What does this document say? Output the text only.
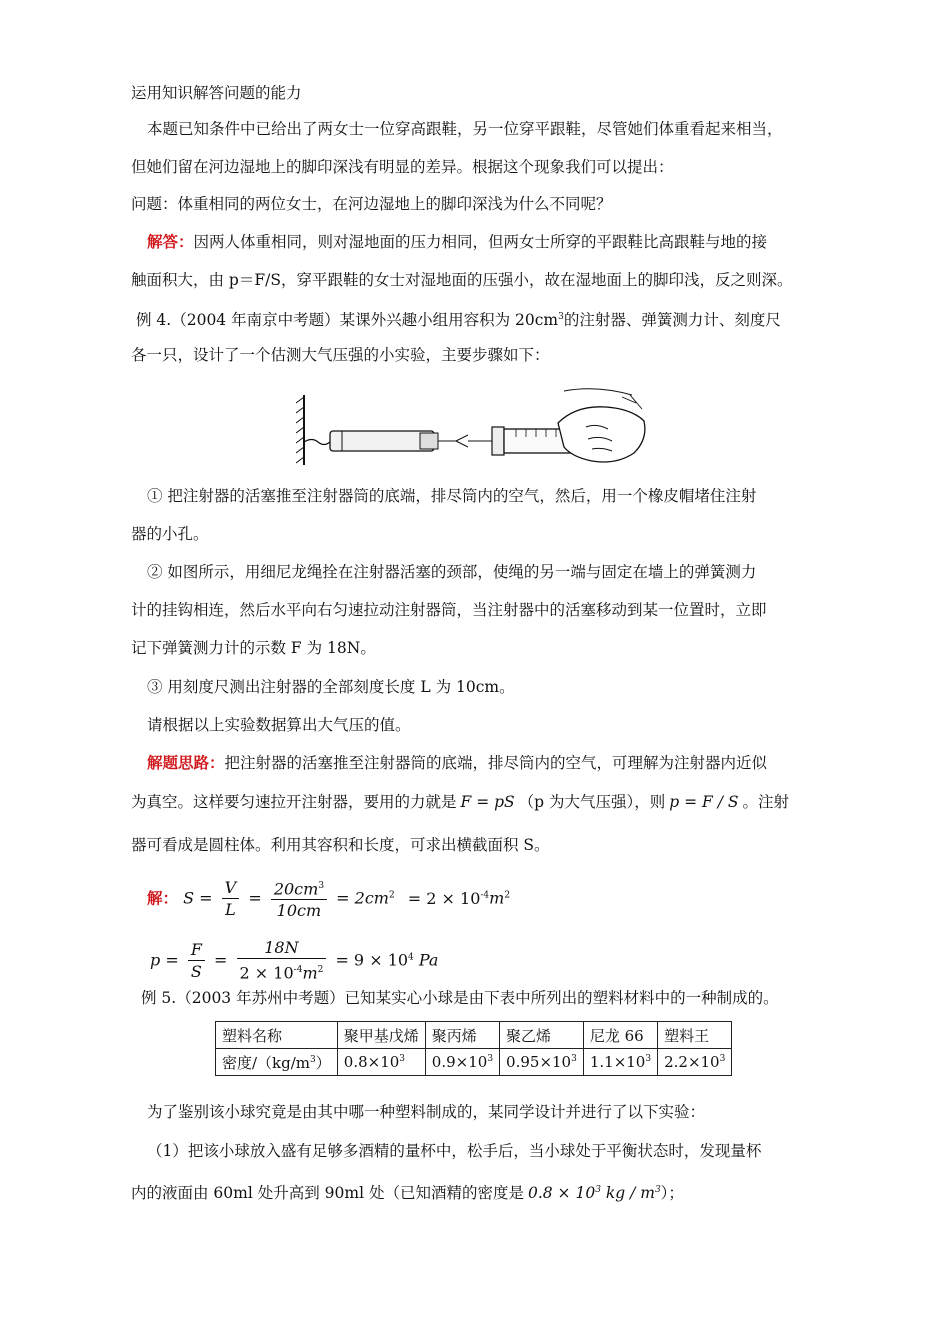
运用知识解答问题的能力
本题已知条件中已给出了两女士一位穿高跟鞋，另一位穿平跟鞋，尽管她们体重看起来相当，
但她们留在河边湿地上的脚印深浅有明显的差异。根据这个现象我们可以提出：
问题：体重相同的两位女士，在河边湿地上的脚印深浅为什么不同呢？
解答：因两人体重相同，则对湿地面的压力相同，但两女士所穿的平跟鞋比高跟鞋与地的接
触面积大，由 p＝F/S，穿平跟鞋的女士对湿地面的压强小，故在湿地面上的脚印浅，反之则深。
例 4.（2004 年南京中考题）某课外兴趣小组用容积为 $20cm^3$的注射器、弹簧测力计、刻度尺
各一只，设计了一个估测大气压强的小实验，主要步骤如下：
① 把注射器的活塞推至注射器筒的底端，排尽筒内的空气，然后，用一个橡皮帽堵住注射
器的小孔。
② 如图所示，用细尼龙绳拴在注射器活塞的颈部，使绳的另一端与固定在墙上的弹簧测力
计的挂钩相连，然后水平向右匀速拉动注射器筒，当注射器中的活塞移动到某一位置时，立即
记下弹簧测力计的示数 F 为 18N。
③ 用刻度尺测出注射器的全部刻度长度 L 为 10cm。
请根据以上实验数据算出大气压的值。
解题思路：把注射器的活塞推至注射器筒的底端，排尽筒内的空气，可理解为注射器内近似
为真空。这样要匀速拉开注射器，要用的力就是 F = pS （p 为大气压强），则 p = F / S 。注射
器可看成是圆柱体。利用其容积和长度，可求出横截面积 S。
解： $S = \frac{V}{L} = \frac{20cm^3}{10cm} = 2cm^2 = 2 \times 10^{-4}m^2$
$p = \frac{F}{S} = \frac{18N}{2 \times 10^{-4}m^2} = 9 \times 10^4$ Pa
例 5.（2003 年苏州中考题）已知某实心小球是由下表中所列出的塑料材料中的一种制成的。
塑料名称	聚甲基戊烯	聚丙烯	聚乙烯	尼龙 66	塑料王
密度$/(kg/m^3)$	$0.8\times 10^3$	$0.9\times 10^3$	$0.95\times 10^3$	$1.1\times 10^3$	$2.2\times 10^3$
为了鉴别该小球究竟是由其中哪一种塑料制成的，某同学设计并进行了以下实验：
（1）把该小球放入盛有足够多酒精的量杯中，松手后，当小球处于平衡状态时，发现量杯
内的液面由 60ml 处升高到 90ml 处（已知酒精的密度是 $0.8 \times 10^3$ kg / $m^3$）；
